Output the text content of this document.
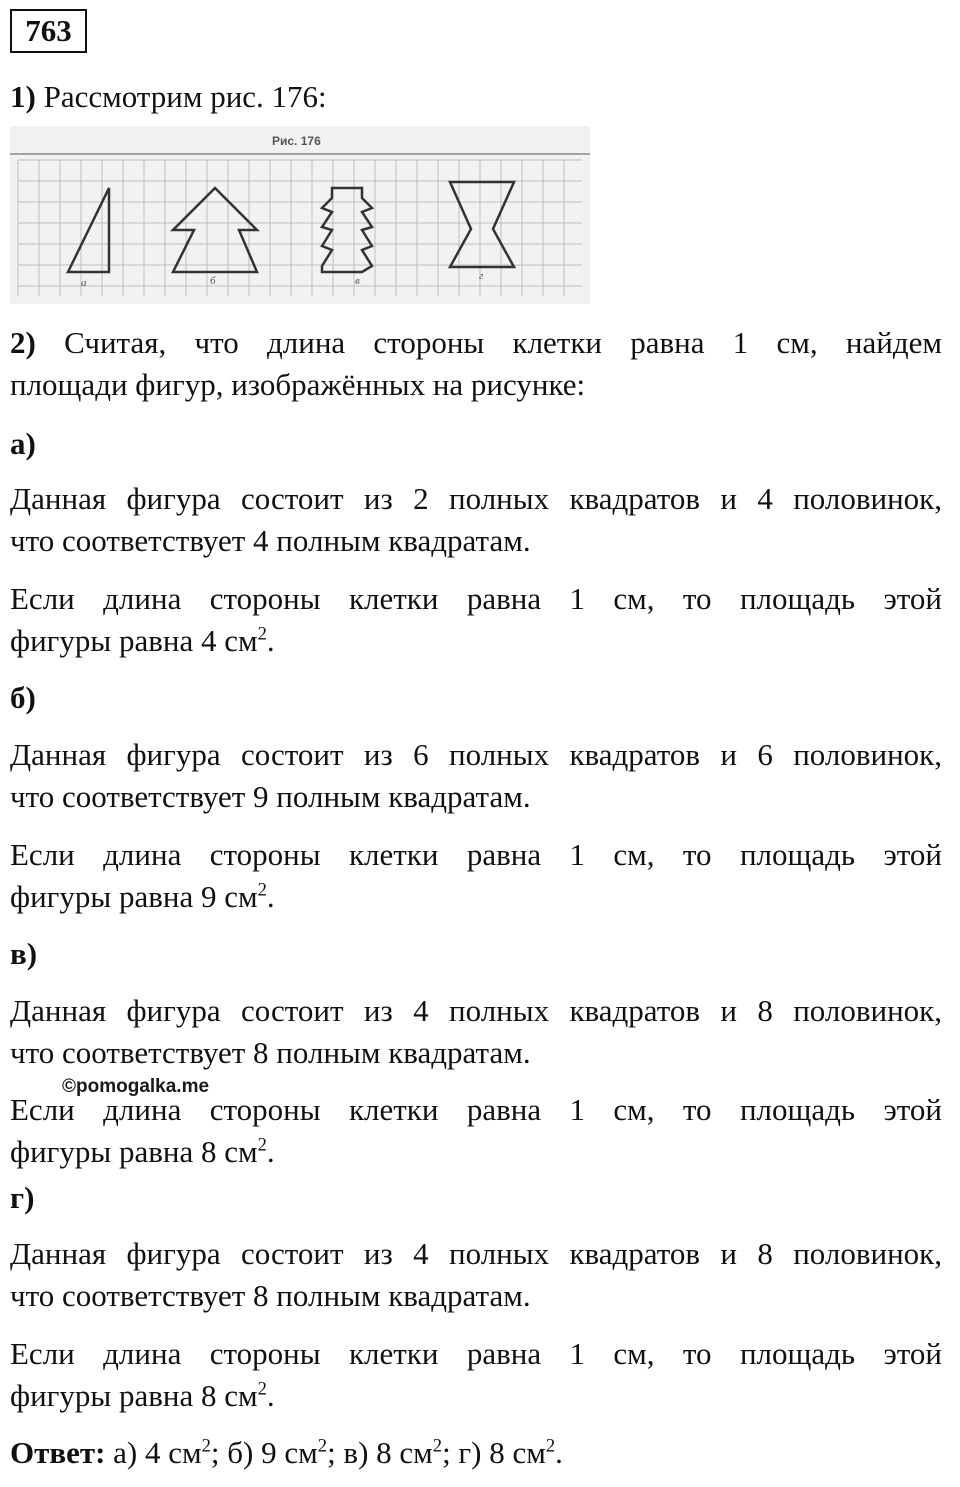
763
1) Рассмотрим рис. 176:
Рис. 176
а	б	в	г
2) Считая, что длина стороны клетки равна 1 см, найдем
площади фигур, изображённых на рисунке:
а)
Данная фигура состоит из 2 полных квадратов и 4 половинок,
что соответствует 4 полным квадратам.
Если длина стороны клетки равна 1 см, то площадь этой
фигуры равна 4 $см^2$.
б)
Данная фигура состоит из 6 полных квадратов и 6 половинок,
что соответствует 9 полным квадратам.
Если длина стороны клетки равна 1 см, то площадь этой
фигуры равна 9 $см^2$.
в)
Данная фигура состоит из 4 полных квадратов и 8 половинок,
что соответствует 8 полным квадратам.
©pomogalka.me
Если длина стороны клетки равна 1 см, то площадь этой
фигуры равна 8 $см^2$.
г)
Данная фигура состоит из 4 полных квадратов и 8 половинок,
что соответствует 8 полным квадратам.
Если длина стороны клетки равна 1 см, то площадь этой
фигуры равна 8 $см^2$.
Ответ: а) 4 $см^2$; б) 9 $см^2$; в) 8 $см^2$; г) 8 $см^2$.
